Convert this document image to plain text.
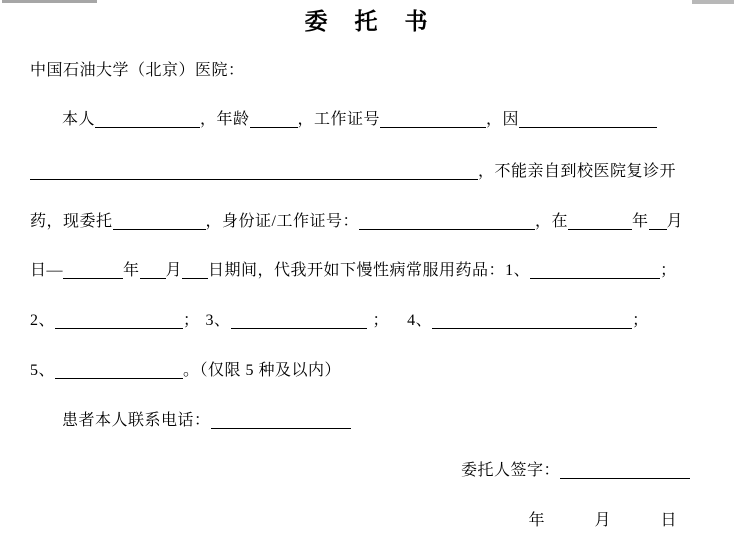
委　托　书
中国石油大学（北京）医院：
本人	，年龄	，工作证号	，因
，不能亲自到校医院复诊开
药，现委托	，身份证/工作证号：	，在	年 月
日—	年 月 日期间，代我开如下慢性病常服用药品：1、	；
2、	； 3、	； 4、	；
5、	。（仅限 5 种及以内）
患者本人联系电话：
委托人签字：
年　　　月　　　日
